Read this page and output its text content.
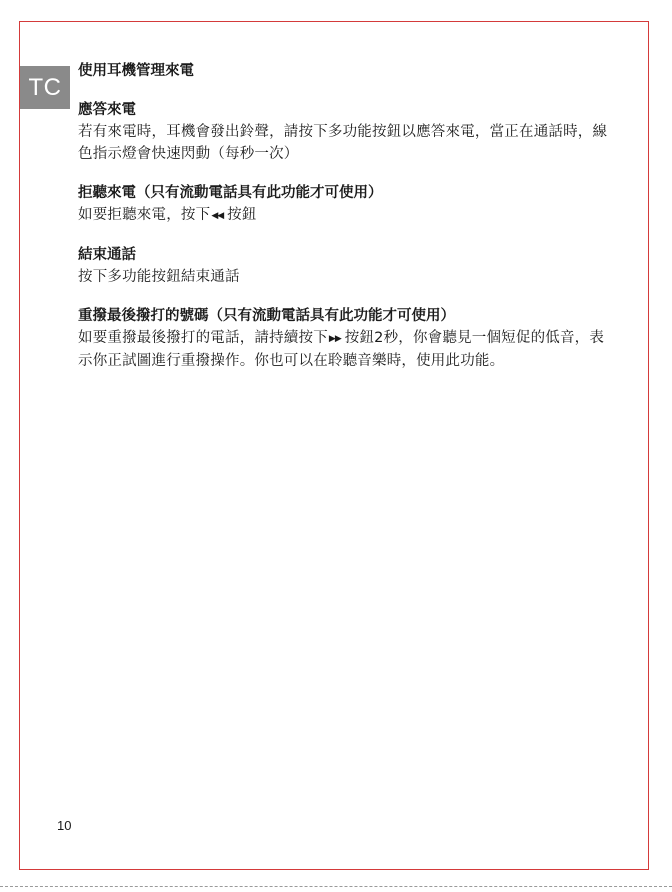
TC
使用耳機管理來電
應答來電

若有來電時，耳機會發出鈴聲，請按下多功能按鈕以應答來電，當正在通話時，線色指示燈會快速閃動（每秒一次）

拒聽來電（只有流動電話具有此功能才可使用）

如要拒聽來電，按下◀◀ 按鈕

結束通話

按下多功能按鈕結束通話

重撥最後撥打的號碼（只有流動電話具有此功能才可使用）

如要重撥最後撥打的電話，請持續按下▶▶ 按鈕2秒，你會聽見一個短促的低音，表示你正試圖進行重撥操作。你也可以在聆聽音樂時，使用此功能。

10
